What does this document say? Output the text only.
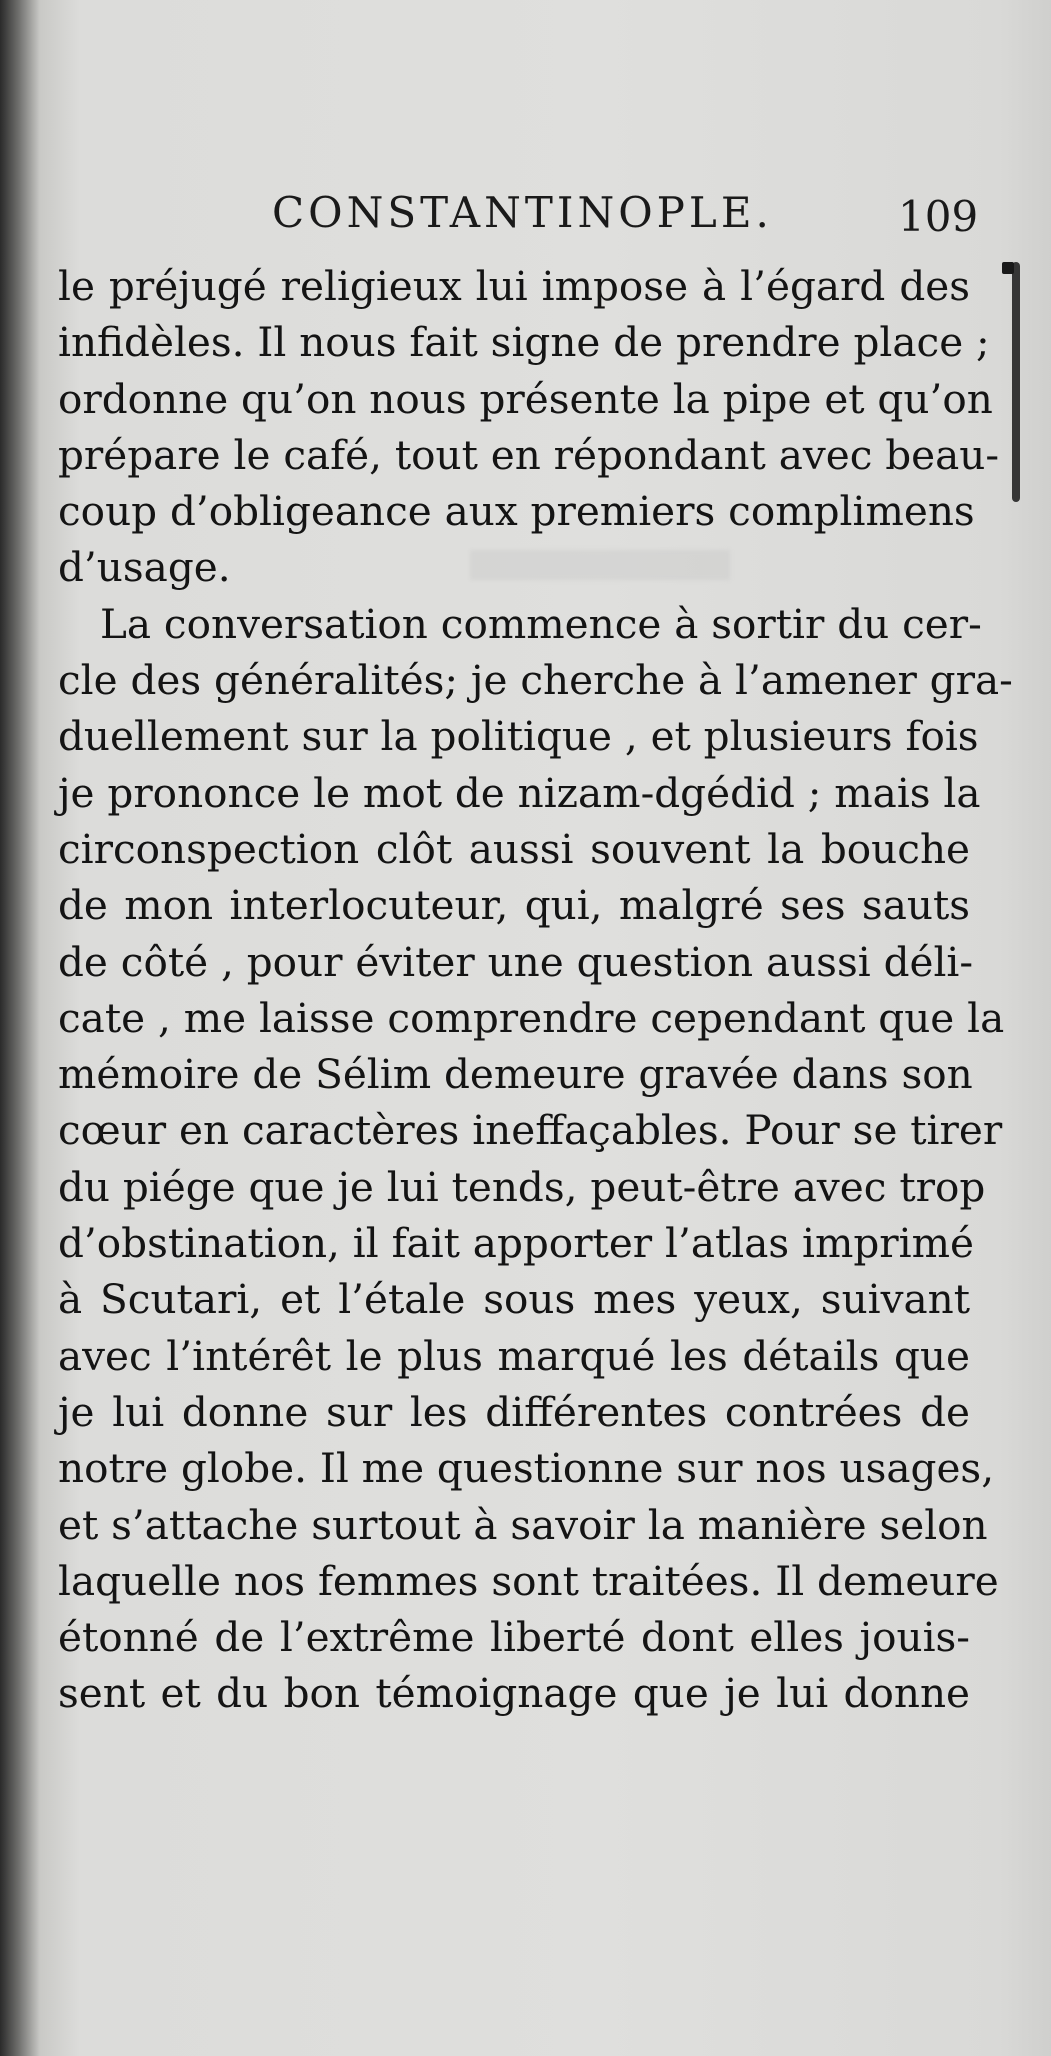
CONSTANTINOPLE.	109
le préjugé religieux lui impose à l’égard des
infidèles. Il nous fait signe de prendre place ;
ordonne qu’on nous présente la pipe et qu’on
prépare le café, tout en répondant avec beau-
coup d’obligeance aux premiers complimens
d’usage.
La conversation commence à sortir du cer-
cle des généralités; je cherche à l’amener gra-
duellement sur la politique , et plusieurs fois
je prononce le mot de nizam-dgédid ; mais la
circonspection clôt aussi souvent la bouche
de mon interlocuteur, qui, malgré ses sauts
de côté , pour éviter une question aussi déli-
cate , me laisse comprendre cependant que la
mémoire de Sélim demeure gravée dans son
cœur en caractères ineffaçables. Pour se tirer
du piége que je lui tends, peut-être avec trop
d’obstination, il fait apporter l’atlas imprimé
à Scutari, et l’étale sous mes yeux, suivant
avec l’intérêt le plus marqué les détails que
je lui donne sur les différentes contrées de
notre globe. Il me questionne sur nos usages,
et s’attache surtout à savoir la manière selon
laquelle nos femmes sont traitées. Il demeure
étonné de l’extrême liberté dont elles jouis-
sent et du bon témoignage que je lui donne
